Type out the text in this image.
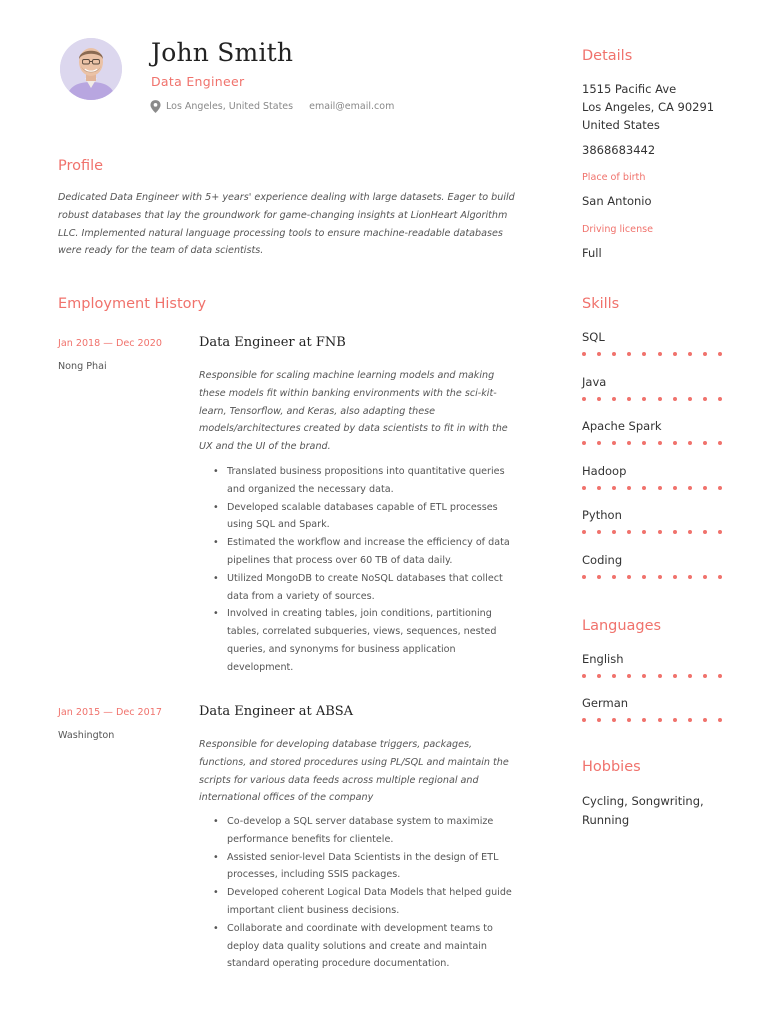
John Smith
Data Engineer
Los Angeles, United States email@email.com
Profile
Dedicated Data Engineer with 5+ years' experience dealing with large datasets. Eager to build robust databases that lay the groundwork for game-changing insights at LionHeart Algorithm LLC. Implemented natural language processing tools to ensure machine-readable databases were ready for the team of data scientists.
Employment History
Jan 2018 — Dec 2020
Nong Phai
Data Engineer at FNB
Responsible for scaling machine learning models and making these models fit within banking environments with the sci-kit-learn, Tensorflow, and Keras, also adapting these models/architectures created by data scientists to fit in with the UX and the UI of the brand.
• Translated business propositions into quantitative queries and organized the necessary data.
• Developed scalable databases capable of ETL processes using SQL and Spark.
• Estimated the workflow and increase the efficiency of data pipelines that process over 60 TB of data daily.
• Utilized MongoDB to create NoSQL databases that collect data from a variety of sources.
• Involved in creating tables, join conditions, partitioning tables, correlated subqueries, views, sequences, nested queries, and synonyms for business application development.
Jan 2015 — Dec 2017
Washington
Data Engineer at ABSA
Responsible for developing database triggers, packages, functions, and stored procedures using PL/SQL and maintain the scripts for various data feeds across multiple regional and international offices of the company
• Co-develop a SQL server database system to maximize performance benefits for clientele.
• Assisted senior-level Data Scientists in the design of ETL processes, including SSIS packages.
• Developed coherent Logical Data Models that helped guide important client business decisions.
• Collaborate and coordinate with development teams to deploy data quality solutions and create and maintain standard operating procedure documentation.
Details
1515 Pacific Ave
Los Angeles, CA 90291
United States
3868683442
Place of birth
San Antonio
Driving license
Full
Skills
SQL
Java
Apache Spark
Hadoop
Python
Coding
Languages
English
German
Hobbies
Cycling, Songwriting,
Running
